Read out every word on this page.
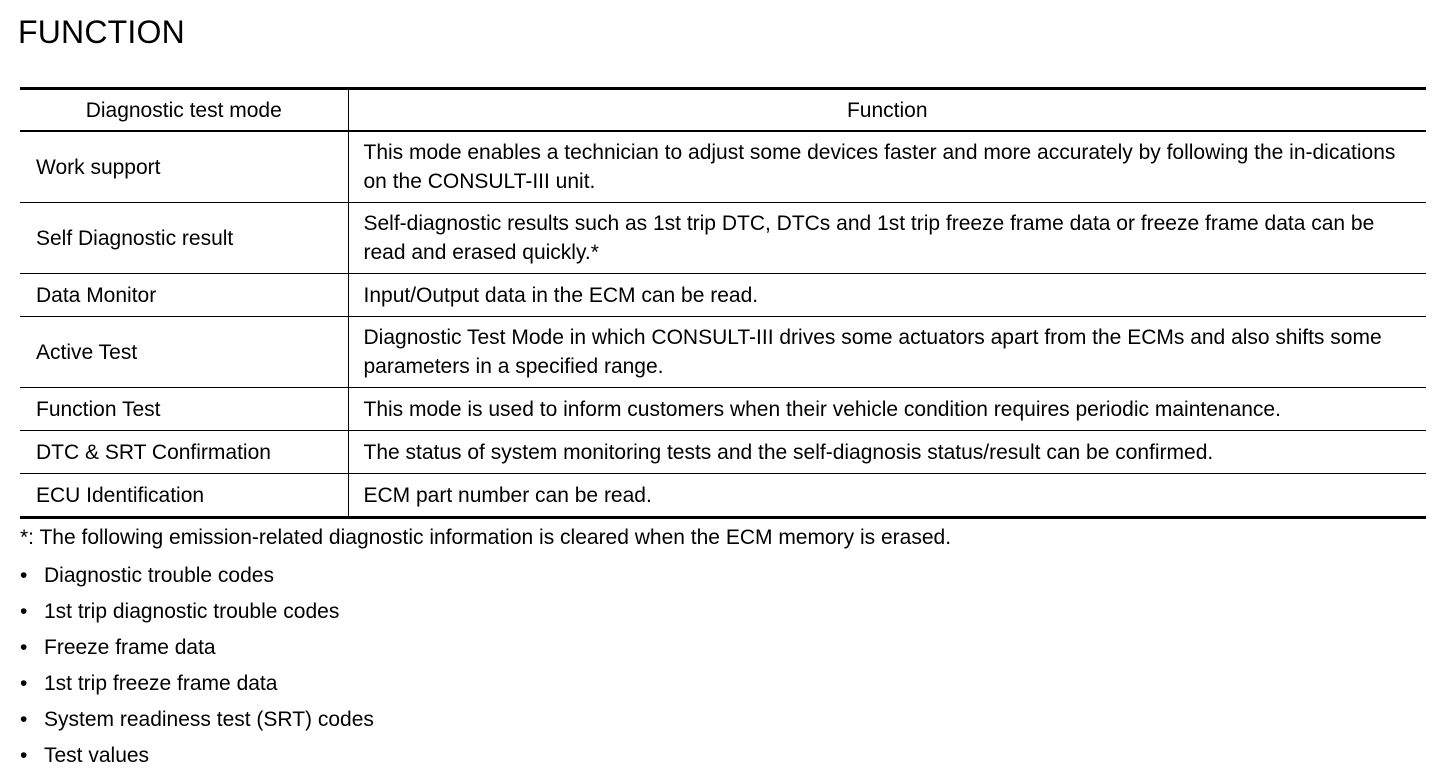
FUNCTION
Diagnostic test mode	Function
Work support	This mode enables a technician to adjust some devices faster and more accurately by following the in-dications on the CONSULT-III unit.
Self Diagnostic result	Self-diagnostic results such as 1st trip DTC, DTCs and 1st trip freeze frame data or freeze frame data can be read and erased quickly.*
Data Monitor	Input/Output data in the ECM can be read.
Active Test	Diagnostic Test Mode in which CONSULT-III drives some actuators apart from the ECMs and also shifts some parameters in a specified range.
Function Test	This mode is used to inform customers when their vehicle condition requires periodic maintenance.
DTC & SRT Confirmation	The status of system monitoring tests and the self-diagnosis status/result can be confirmed.
ECU Identification	ECM part number can be read.
*: The following emission-related diagnostic information is cleared when the ECM memory is erased.
• Diagnostic trouble codes
• 1st trip diagnostic trouble codes
• Freeze frame data
• 1st trip freeze frame data
• System readiness test (SRT) codes
• Test values
